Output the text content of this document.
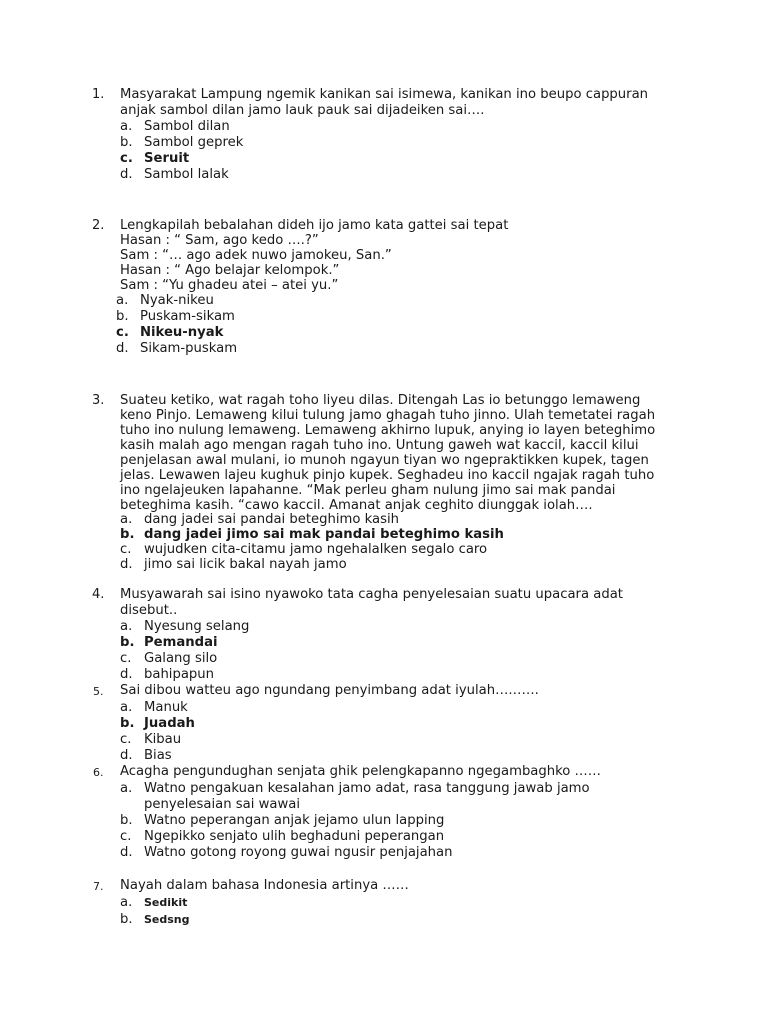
1. Masyarakat Lampung ngemik kanikan sai isimewa, kanikan ino beupo cappuran
anjak sambol dilan jamo lauk pauk sai dijadeiken sai….
a. Sambol dilan
b. Sambol geprek
c. Seruit
d. Sambol lalak
2. Lengkapilah bebalahan dideh ijo jamo kata gattei sai tepat
Hasan : “ Sam, ago kedo ….?”
Sam : “… ago adek nuwo jamokeu, San.”
Hasan : “ Ago belajar kelompok.”
Sam : “Yu ghadeu atei – atei yu.”
a. Nyak-nikeu
b. Puskam-sikam
c. Nikeu-nyak
d. Sikam-puskam
3. Suateu ketiko, wat ragah toho liyeu dilas. Ditengah Las io betunggo lemaweng
keno Pinjo. Lemaweng kilui tulung jamo ghagah tuho jinno. Ulah temetatei ragah
tuho ino nulung lemaweng. Lemaweng akhirno lupuk, anying io layen beteghimo
kasih malah ago mengan ragah tuho ino. Untung gaweh wat kaccil, kaccil kilui
penjelasan awal mulani, io munoh ngayun tiyan wo ngepraktikken kupek, tagen
jelas. Lewawen lajeu kughuk pinjo kupek. Seghadeu ino kaccil ngajak ragah tuho
ino ngelajeuken lapahanne. “Mak perleu gham nulung jimo sai mak pandai
beteghima kasih. “cawo kaccil. Amanat anjak ceghito diunggak iolah….
a. dang jadei sai pandai beteghimo kasih
b. dang jadei jimo sai mak pandai beteghimo kasih
c. wujudken cita-citamu jamo ngehalalken segalo caro
d. jimo sai licik bakal nayah jamo
4. Musyawarah sai isino nyawoko tata cagha penyelesaian suatu upacara adat
disebut..
a. Nyesung selang
b. Pemandai
c. Galang silo
d. bahipapun
5. Sai dibou watteu ago ngundang penyimbang adat iyulah……….
a. Manuk
b. Juadah
c. Kibau
d. Bias
6. Acagha pengundughan senjata ghik pelengkapanno ngegambaghko ……
a. Watno pengakuan kesalahan jamo adat, rasa tanggung jawab jamo
penyelesaian sai wawai
b. Watno peperangan anjak jejamo ulun lapping
c. Ngepikko senjato ulih beghaduni peperangan
d. Watno gotong royong guwai ngusir penjajahan
7. Nayah dalam bahasa Indonesia artinya ……
a. Sedikit
b. Sedsng
